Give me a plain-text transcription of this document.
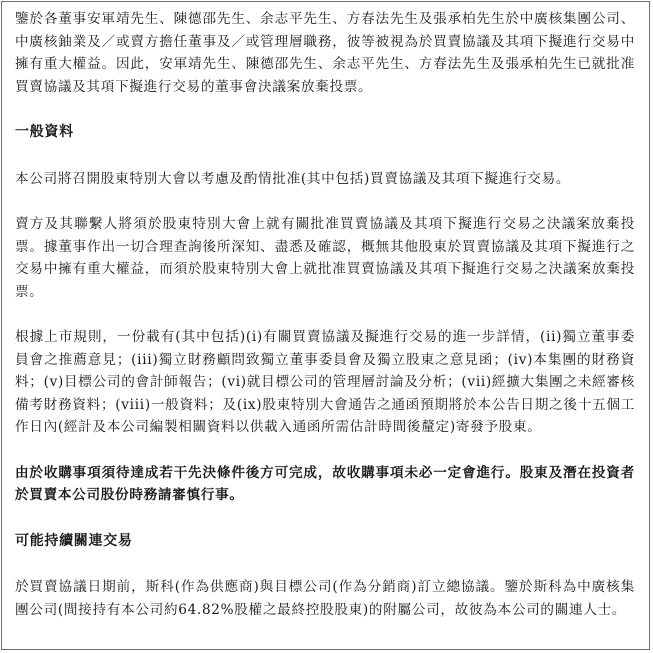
鑒於各董事安軍靖先生、陳德邵先生、余志平先生、方春法先生及張承柏先生於中廣核集團公司、中廣核鈾業及／或賣方擔任董事及／或管理層職務，彼等被視為於買賣協議及其項下擬進行交易中擁有重大權益。因此，安軍靖先生、陳德邵先生、余志平先生、方春法先生及張承柏先生已就批准買賣協議及其項下擬進行交易的董事會決議案放棄投票。

一般資料

本公司將召開股東特別大會以考慮及酌情批准(其中包括)買賣協議及其項下擬進行交易。

賣方及其聯繫人將須於股東特別大會上就有關批准買賣協議及其項下擬進行交易之決議案放棄投票。據董事作出一切合理查詢後所深知、盡悉及確認，概無其他股東於買賣協議及其項下擬進行之交易中擁有重大權益，而須於股東特別大會上就批准買賣協議及其項下擬進行交易之決議案放棄投票。

根據上市規則，一份載有(其中包括)(i)有關買賣協議及擬進行交易的進一步詳情，(ii)獨立董事委員會之推薦意見；(iii)獨立財務顧問致獨立董事委員會及獨立股東之意見函；(iv)本集團的財務資料；(v)目標公司的會計師報告；(vi)就目標公司的管理層討論及分析；(vii)經擴大集團之未經審核備考財務資料；(viii)一般資料；及(ix)股東特別大會通告之通函預期將於本公告日期之後十五個工作日內(經計及本公司編製相關資料以供載入通函所需估計時間後釐定)寄發予股東。

由於收購事項須待達成若干先決條件後方可完成，故收購事項未必一定會進行。股東及潛在投資者於買賣本公司股份時務請審慎行事。

可能持續關連交易

於買賣協議日期前，斯科(作為供應商)與目標公司(作為分銷商)訂立總協議。鑒於斯科為中廣核集團公司(間接持有本公司約64.82%股權之最終控股股東)的附屬公司，故彼為本公司的關連人士。
